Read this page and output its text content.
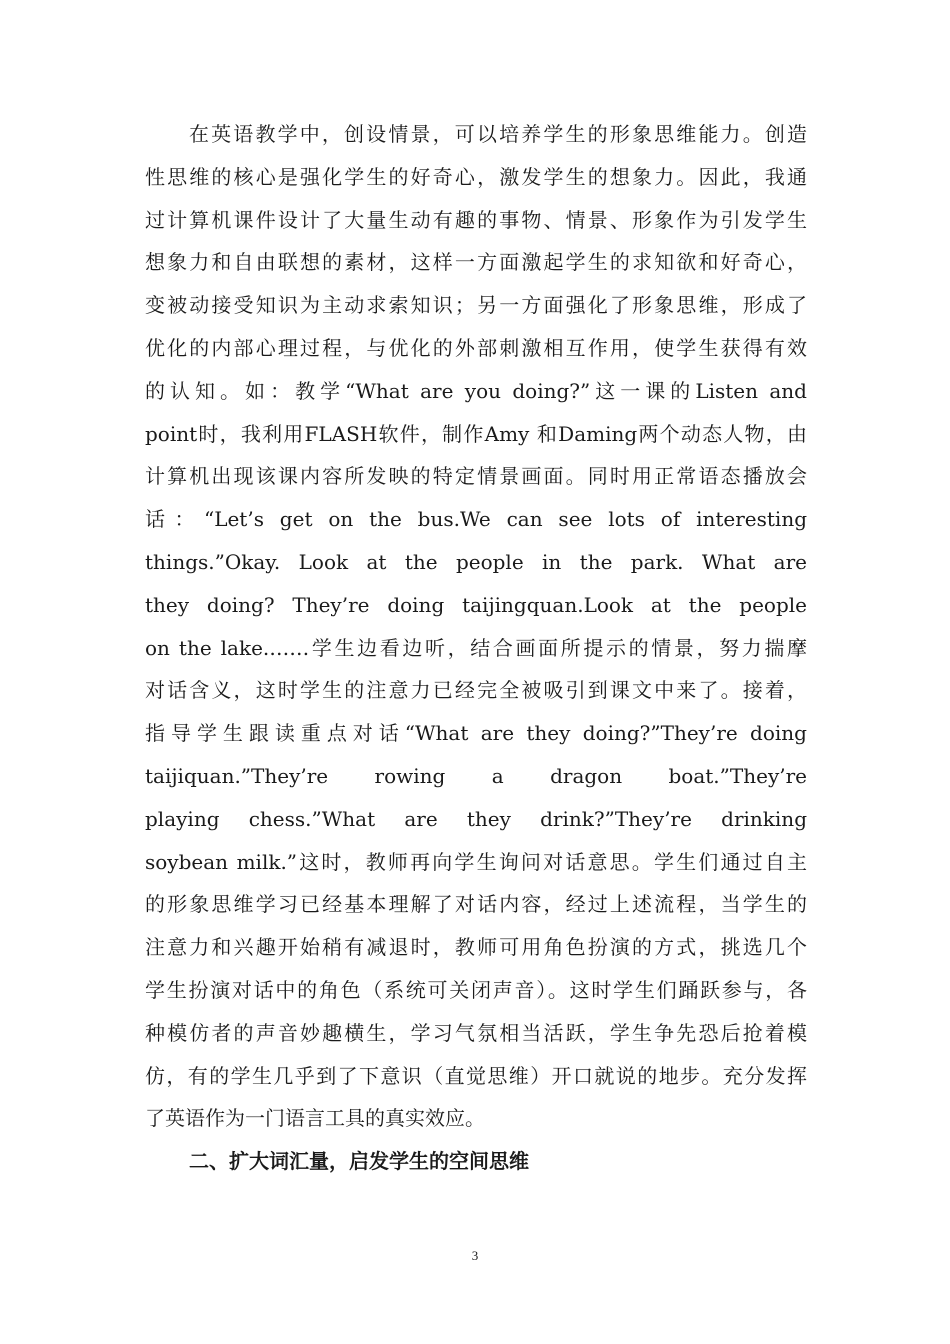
在英语教学中，创设情景，可以培养学生的形象思维能力。创造
性思维的核心是强化学生的好奇心，激发学生的想象力。因此，我通
过计算机课件设计了大量生动有趣的事物、情景、形象作为引发学生
想象力和自由联想的素材，这样一方面激起学生的求知欲和好奇心，
变被动接受知识为主动求索知识；另一方面强化了形象思维，形成了
优化的内部心理过程，与优化的外部刺激相互作用，使学生获得有效
的认知。如：教学“What are you doing?”这一课的Listen and
point时，我利用FLASH软件，制作Amy 和Daming两个动态人物，由
计算机出现该课内容所发映的特定情景画面。同时用正常语态播放会
话：“Let’s get on the bus.We can see lots of interesting
things.”Okay. Look at the people in the park. What are
they doing? They’re doing taijingquan.Look at the people
on the lake.……学生边看边听，结合画面所提示的情景，努力揣摩
对话含义，这时学生的注意力已经完全被吸引到课文中来了。接着，
指导学生跟读重点对话“What are they doing?”They’re doing
taijiquan.”They’re rowing a dragon boat.”They’re
playing chess.”What are they drink?”They’re drinking
soybean milk.”这时，教师再向学生询问对话意思。学生们通过自主
的形象思维学习已经基本理解了对话内容，经过上述流程，当学生的
注意力和兴趣开始稍有减退时，教师可用角色扮演的方式，挑选几个
学生扮演对话中的角色（系统可关闭声音）。这时学生们踊跃参与，各
种模仿者的声音妙趣横生，学习气氛相当活跃，学生争先恐后抢着模
仿，有的学生几乎到了下意识（直觉思维）开口就说的地步。充分发挥
了英语作为一门语言工具的真实效应。
二、扩大词汇量，启发学生的空间思维
3
